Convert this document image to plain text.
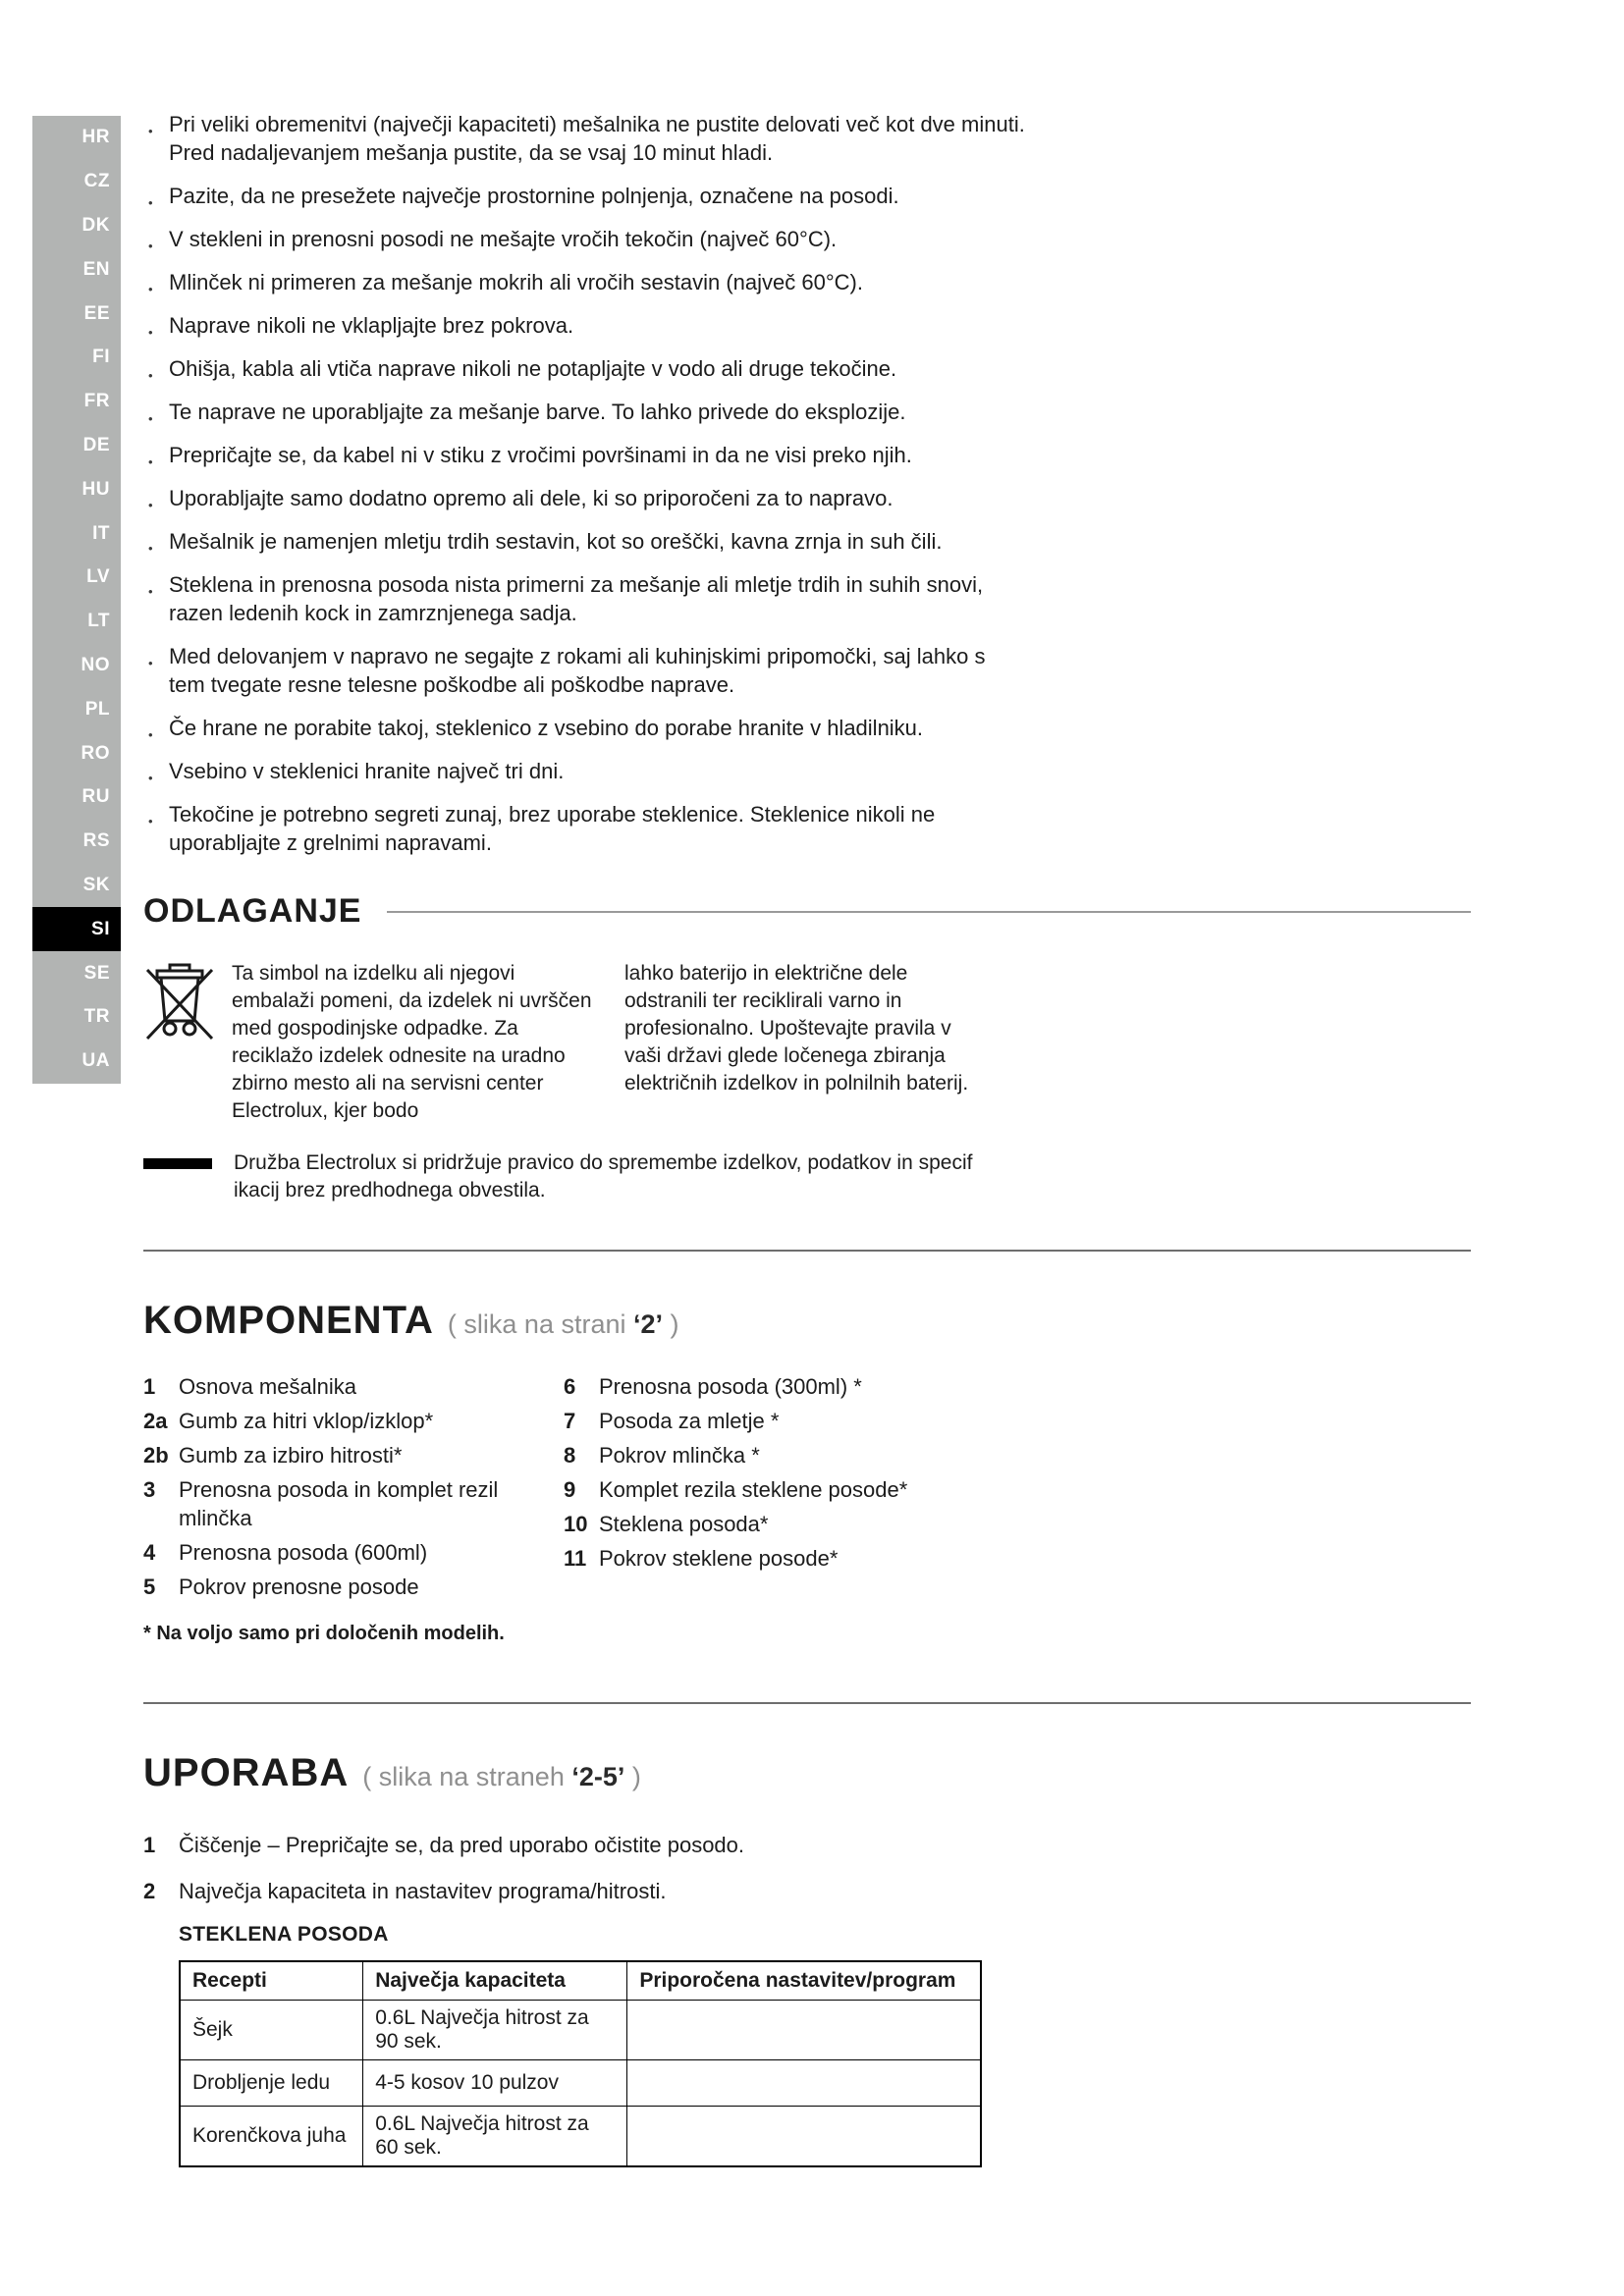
HR
CZ
DK
EN
EE
FI
FR
DE
HU
IT
LV
LT
NO
PL
RO
RU
RS
SK
SI
SE
TR
UA
• Pri veliki obremenitvi (največji kapaciteti) mešalnika ne pustite delovati več kot dve minuti. Pred nadaljevanjem mešanja pustite, da se vsaj 10 minut hladi.
• Pazite, da ne presežete največje prostornine polnjenja, označene na posodi.
• V stekleni in prenosni posodi ne mešajte vročih tekočin (največ 60°C).
• Mlinček ni primeren za mešanje mokrih ali vročih sestavin (največ 60°C).
• Naprave nikoli ne vklapljajte brez pokrova.
• Ohišja, kabla ali vtiča naprave nikoli ne potapljajte v vodo ali druge tekočine.
• Te naprave ne uporabljajte za mešanje barve. To lahko privede do eksplozije.
• Prepričajte se, da kabel ni v stiku z vročimi površinami in da ne visi preko njih.
• Uporabljajte samo dodatno opremo ali dele, ki so priporočeni za to napravo.
• Mešalnik je namenjen mletju trdih sestavin, kot so oreščki, kavna zrnja in suh čili.
• Steklena in prenosna posoda nista primerni za mešanje ali mletje trdih in suhih snovi, razen ledenih kock in zamrznjenega sadja.
• Med delovanjem v napravo ne segajte z rokami ali kuhinjskimi pripomočki, saj lahko s tem tvegate resne telesne poškodbe ali poškodbe naprave.
• Če hrane ne porabite takoj, steklenico z vsebino do porabe hranite v hladilniku.
• Vsebino v steklenici hranite največ tri dni.
• Tekočine je potrebno segreti zunaj, brez uporabe steklenice. Steklenice nikoli ne uporabljajte z grelnimi napravami.
ODLAGANJE

Ta simbol na izdelku ali njegovi embalaži pomeni, da izdelek ni uvrščen med gospodinjske odpadke. Za reciklažo izdelek odnesite na uradno zbirno mesto ali na servisni center Electrolux, kjer bodo

lahko baterijo in električne dele odstranili ter reciklirali varno in profesionalno. Upoštevajte pravila v vaši državi glede ločenega zbiranja električnih izdelkov in polnilnih baterij.

Družba Electrolux si pridržuje pravico do spremembe izdelkov, podatkov in specif ikacij brez predhodnega obvestila.

KOMPONENTA ( slika na strani ‘2’ )
1	Osnova mešalnika
2a Gumb za hitri vklop/izklop*
2b Gumb za izbiro hitrosti*
3	Prenosna posoda in komplet rezil mlinčka
4	Prenosna posoda (600ml)
5	Pokrov prenosne posode
6	Prenosna posoda (300ml) *
7	Posoda za mletje *
8	Pokrov mlinčka *
9	Komplet rezila steklene posode*
10 Steklena posoda*
11 Pokrov steklene posode*

* Na voljo samo pri določenih modelih.

UPORABA ( slika na straneh ‘2-5’ )
1	Čiščenje – Prepričajte se, da pred uporabo očistite posodo.
2	Največja kapaciteta in nastavitev programa/hitrosti.

STEKLENA POSODA

Recepti	Največja kapaciteta	Priporočena nastavitev/program
Šejk	0.6L Največja hitrost za 90 sek.	
Drobljenje ledu	4-5 kosov 10 pulzov	
Korenčkova juha	0.6L Največja hitrost za 60 sek.	
